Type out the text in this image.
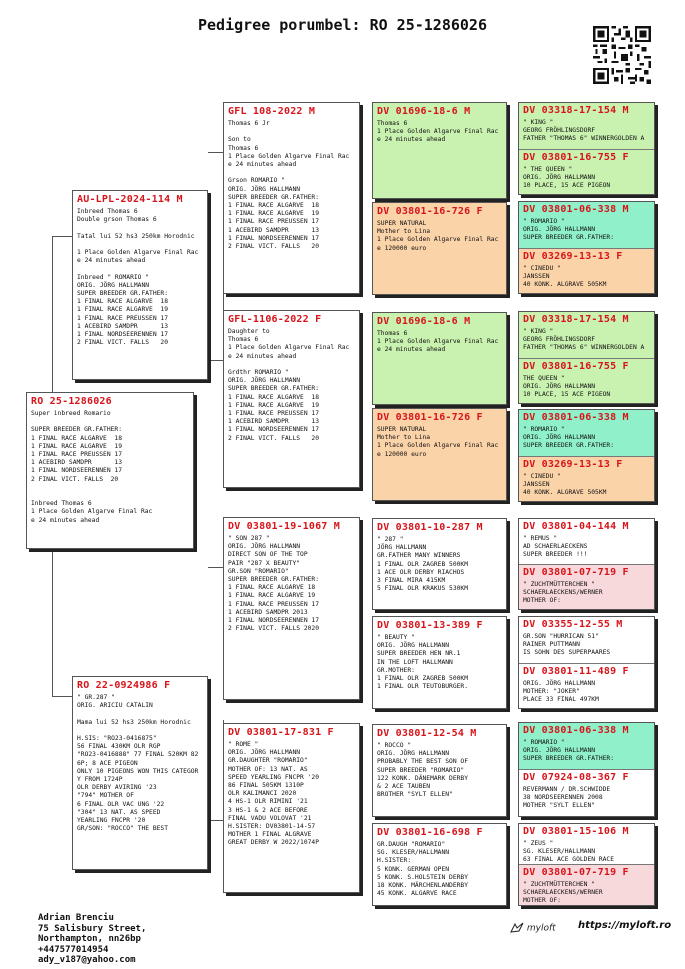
Pedigree porumbel: RO 25-1286026
RO 25-1286026
Super inbreed Romario

SUPER BREEDER GR.FATHER:
1 FINAL RACE ALGARVE  18
1 FINAL RACE ALGARVE  19
1 FINAL RACE PREUSSEN 17
1 ACEBIRD SAMDPR      13
1 FINAL NORDSEERENNEN 17
2 FINAL VICT. FALLS  20

Inbreed Thomas 6
1 Place Golden Algarve Final Rac
e 24 minutes ahead
AU-LPL-2024-114 M
Inbreed Thomas 6
Double grson Thomas 6

Tatal lui 52 hs3 250km Horodnic

1 Place Golden Algarve Final Rac
e 24 minutes ahead

Inbreed " ROMARIO "
ORIG. JÖRG HALLMANN
SUPER BREEDER GR.FATHER:
1 FINAL RACE ALGARVE  18
1 FINAL RACE ALGARVE  19
1 FINAL RACE PREUSSEN 17
1 ACEBIRD SAMDPR      13
1 FINAL NORDSEERENNEN 17
2 FINAL VICT. FALLS   20
RO 22-0924986 F
" GR.287 "
ORIG. ARICIU CATALIN

Mama lui 52 hs3 250km Horodnic

H.SIS: "RO23-0416875"
56 FINAL 430KM OLR RGP
"RO23-0416888" 77 FINAL 520KM 82
6P; 8 ACE PIGEON
ONLY 10 PIGEONS WON THIS CATEGOR
Y FROM 1724P
OLR DERBY AVIRING '23
"794" MOTHER OF
6 FINAL OLR VAC UNG '22
"304" 13 NAT. AS SPEED
YEARLING FNCPR '20
GR/SON: "ROCCO" THE BEST
GFL 108-2022 M
Thomas 6 Jr

Son to
Thomas 6
1 Place Golden Algarve Final Rac
e 24 minutes ahead

Grson ROMARIO "
ORIG. JÖRG HALLMANN
SUPER BREEDER GR.FATHER:
1 FINAL RACE ALGARVE  18
1 FINAL RACE ALGARVE  19
1 FINAL RACE PREUSSEN 17
1 ACEBIRD SAMDPR      13
1 FINAL NORDSEERENNEN 17
2 FINAL VICT. FALLS   20
GFL-1106-2022 F
Daughter to
Thomas 6
1 Place Golden Algarve Final Rac
e 24 minutes ahead

Grdthr ROMARIO "
ORIG. JÖRG HALLMANN
SUPER BREEDER GR.FATHER:
1 FINAL RACE ALGARVE  18
1 FINAL RACE ALGARVE  19
1 FINAL RACE PREUSSEN 17
1 ACEBIRD SAMDPR      13
1 FINAL NORDSEERENNEN 17
2 FINAL VICT. FALLS   20
DV 03801-19-1067 M
" SON 287 "
ORIG. JÖRG HALLMANN
DIRECT SON OF THE TOP
PAIR "287 X BEAUTY"
GR.SON "ROMARIO"
SUPER BREEDER GR.FATHER:
1 FINAL RACE ALGARVE 18
1 FINAL RACE ALGARVE 19
1 FINAL RACE PREUSSEN 17
1 ACEBIRD SAMDPR 2013
1 FINAL NORDSEERENNEN 17
2 FINAL VICT. FALLS 2020
DV 03801-17-831 F
" ROME "
ORIG. JÖRG HALLMANN
GR.DAUGHTER "ROMARIO"
MOTHER OF: 13 NAT. AS
SPEED YEARLING FNCPR '20
86 FINAL 505KM 1310P
OLR KALIMANCI 2020
4 HS-1 OLR RIMINI '21
3 HS-1 & 2 ACE BEFORE
FINAL VADU VOLOVAT '21
H.SISTER: DV03801-14-57
MOTHER 1 FINAL ALGRAVE
GREAT DERBY W 2022/1074P
DV 01696-18-6 M
Thomas 6
1 Place Golden Algarve Final Rac
e 24 minutes ahead
DV 03801-16-726 F
SUPER NATURAL
Mother to Lina
1 Place Golden Algarve Final Rac
e 120000 euro
DV 01696-18-6 M
Thomas 6
1 Place Golden Algarve Final Rac
e 24 minutes ahead
DV 03801-16-726 F
SUPER NATURAL
Mother to Lina
1 Place Golden Algarve Final Rac
e 120000 euro
DV 03801-10-287 M
" 287 "
JÖRG HALLMANN
GR.FATHER MANY WINNERS
1 FINAL OLR ZAGREB 500KM
1 ACE OLR DERBY RIACHOS
3 FINAL MIRA 415KM
5 FINAL OLR KRAKUS 530KM
DV 03801-13-389 F
" BEAUTY "
ORIG. JÖRG HALLMANN
SUPER BREEDER HEN NR.1
IN THE LOFT HALLMANN
GR.MOTHER:
1 FINAL OLR ZAGREB 500KM
1 FINAL OLR TEUTOBURGER.
DV 03801-12-54 M
" ROCCO "
ORIG. JÖRG HALLMANN
PROBABLY THE BEST SON OF
SUPER BREEDER "ROMARIO"
122 KONK. DÄNEMARK DERBY
& 2 ACE TAUBEN
BROTHER "SYLT ELLEN"
DV 03801-16-698 F
GR.DAUGH "ROMARIO"
SG. KLESER/HALLMANN
H.SISTER:
5 KONK. GERMAN OPEN
5 KONK. S.HOLSTEIN DERBY
18 KONK. MÄRCHENLANDERBY
45 KONK. ALGARVE RACE
DV 03318-17-154 M
" KING "
GEORG FRÖHLINGSDORF
FATHER "THOMAS 6" WINNERGOLDEN A
DV 03801-16-755 F
" THE QUEEN "
ORIG. JÖRG HALLMANN
10 PLACE, 15 ACE PIGEON
DV 03801-06-338 M
" ROMARIO "
ORIG. JÖRG HALLMANN
SUPER BREEDER GR.FATHER:
DV 03269-13-13 F
" CINEDU "
JANSSEN
40 KONK. ALGRAVE 505KM
DV 03318-17-154 M
" KING "
GEORG FRÖHLINGSDORF
FATHER "THOMAS 6" WINNERGOLDEN A
DV 03801-16-755 F
THE QUEEN "
ORIG. JÖRG HALLMANN
10 PLACE, 15 ACE PIGEON
DV 03801-06-338 M
" ROMARIO "
ORIG. JÖRG HALLMANN
SUPER BREEDER GR.FATHER:
DV 03269-13-13 F
" CINEDU "
JANSSEN
40 KONK. ALGRAVE 505KM
DV 03801-04-144 M
" REMUS "
AD SCHAERLAECKENS
SUPER BREEDER !!!
DV 03801-07-719 F
" ZUCHTMÜTTERCHEN "
SCHAERLAECKENS/WERNER
MOTHER OF:
DV 03355-12-55 M
GR.SON "HURRICAN 51"
RAINER PUTTMANN
IS SOHN DES SUPERPAARES
DV 03801-11-489 F
ORIG. JÖRG HALLMANN
MOTHER: "JOKER"
PLACE 33 FINAL 497KM
DV 03801-06-338 M
" ROMARIO "
ORIG. JÖRG HALLMANN
SUPER BREEDER GR.FATHER:
DV 07924-08-367 F
REVERMANN / DR.SCHWIDDE
38 NORDSEERENNEN 2008
MOTHER "SYLT ELLEN"
DV 03801-15-106 M
" ZEUS "
SG. KLESER/HALLMANN
63 FINAL ACE GOLDEN RACE
DV 03801-07-719 F
" ZUCHTMÜTTERCHEN "
SCHAERLAECKENS/WERNER
MOTHER OF:
Adrian Brenciu
75 Salisbury Street,
Northampton, nn26bp
+447577014954
ady_v187@yahoo.com
myloft https://myloft.ro
